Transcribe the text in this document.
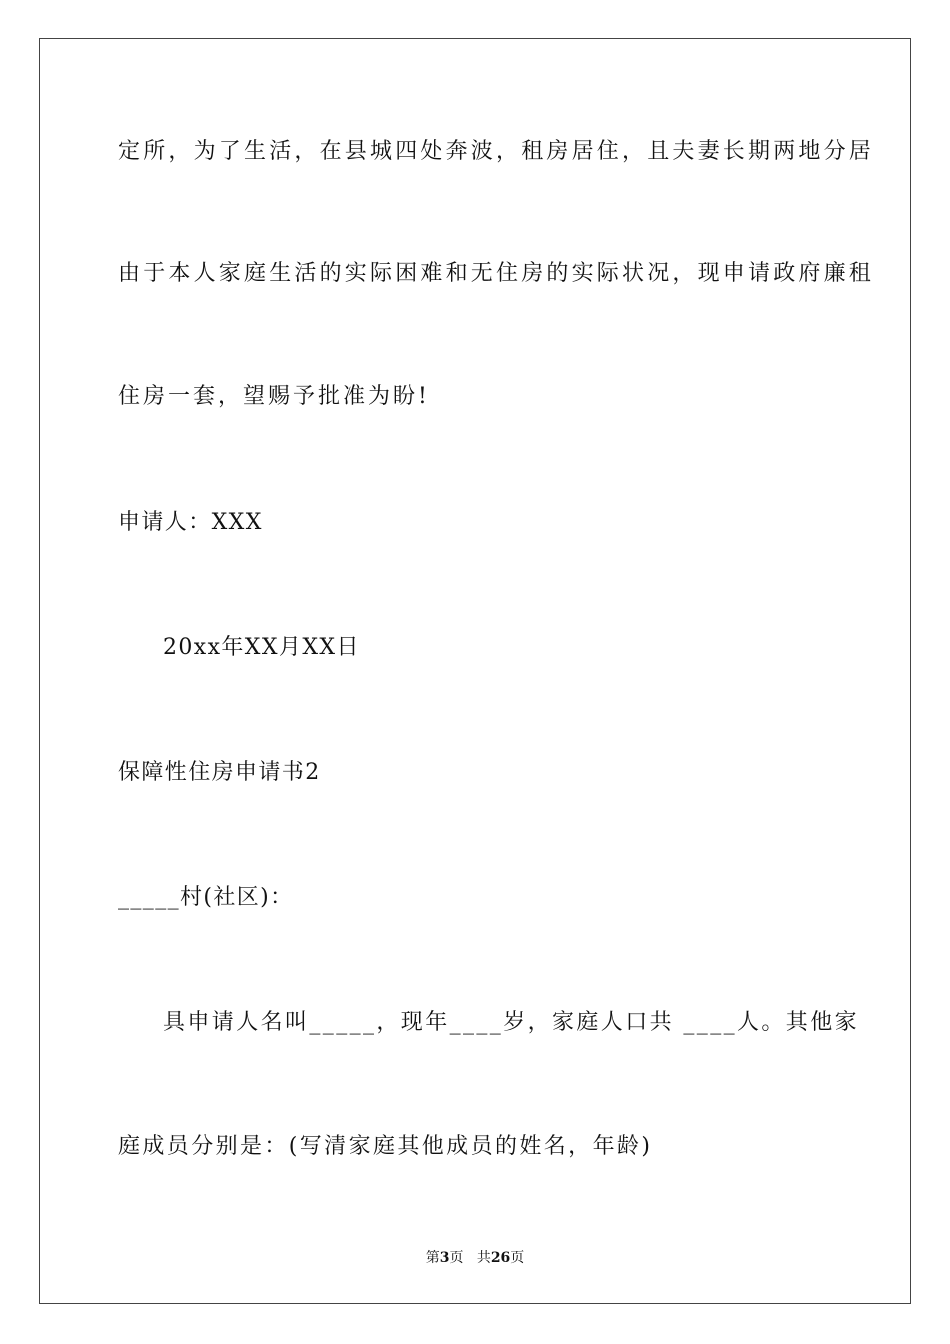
定所，为了生活，在县城四处奔波，租房居住，且夫妻长期两地分居
由于本人家庭生活的实际困难和无住房的实际状况，现申请政府廉租
住房一套，望赐予批准为盼!
申请人：XXX
20xx年XX月XX日
保障性住房申请书2
_____村(社区)：
具申请人名叫_____，现年____岁，家庭人口共 ____人。其他家
庭成员分别是：(写清家庭其他成员的姓名，年龄)
第3页 共26页
